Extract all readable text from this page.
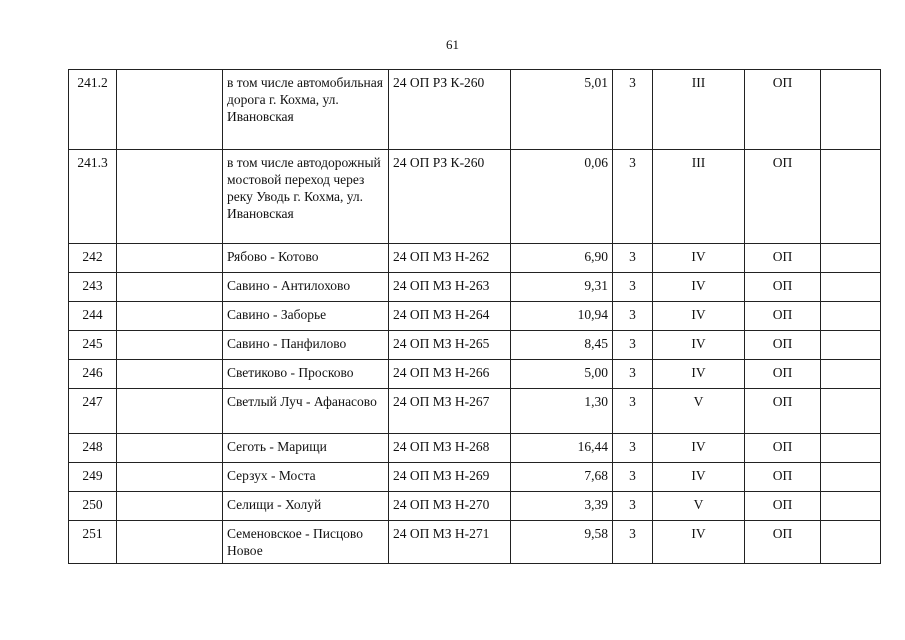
61
241.2		в том числе автомобильная дорога г. Кохма, ул. Ивановская	24 ОП РЗ К-260	5,01	3	III	ОП	
241.3		в том числе автодорожный мостовой переход через реку Уводь г. Кохма, ул. Ивановская	24 ОП РЗ К-260	0,06	3	III	ОП	
242		Рябово - Котово	24 ОП МЗ Н-262	6,90	3	IV	ОП	
243		Савино - Антилохово	24 ОП МЗ Н-263	9,31	3	IV	ОП	
244		Савино - Заборье	24 ОП МЗ Н-264	10,94	3	IV	ОП	
245		Савино - Панфилово	24 ОП МЗ Н-265	8,45	3	IV	ОП	
246		Светиково - Просково	24 ОП МЗ Н-266	5,00	3	IV	ОП	
247		Светлый Луч - Афанасово	24 ОП МЗ Н-267	1,30	3	V	ОП	
248		Сеготь - Марищи	24 ОП МЗ Н-268	16,44	3	IV	ОП	
249		Серзух - Моста	24 ОП МЗ Н-269	7,68	3	IV	ОП	
250		Селищи - Холуй	24 ОП МЗ Н-270	3,39	3	V	ОП	
251		Семеновское - Писцово Новое	24 ОП МЗ Н-271	9,58	3	IV	ОП	
